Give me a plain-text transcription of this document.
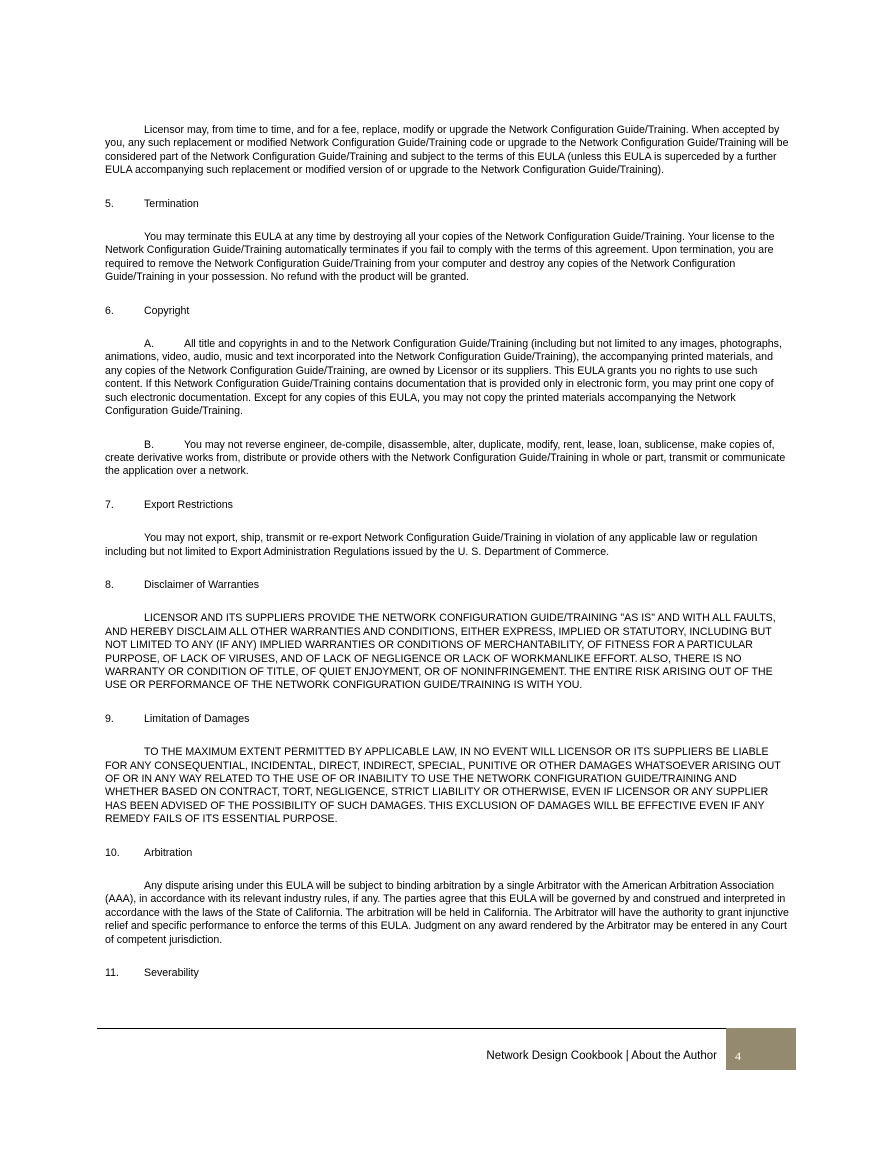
Licensor may, from time to time, and for a fee, replace, modify or upgrade the Network Configuration Guide/Training. When accepted by you, any such replacement or modified Network Configuration Guide/Training code or upgrade to the Network Configuration Guide/Training will be considered part of the Network Configuration Guide/Training and subject to the terms of this EULA (unless this EULA is superceded by a further EULA accompanying such replacement or modified version of or upgrade to the Network Configuration Guide/Training).

5.	Termination

You may terminate this EULA at any time by destroying all your copies of the Network Configuration Guide/Training. Your license to the Network Configuration Guide/Training automatically terminates if you fail to comply with the terms of this agreement. Upon termination, you are required to remove the Network Configuration Guide/Training from your computer and destroy any copies of the Network Configuration Guide/Training in your possession. No refund with the product will be granted.

6.	Copyright

A.	All title and copyrights in and to the Network Configuration Guide/Training (including but not limited to any images, photographs, animations, video, audio, music and text incorporated into the Network Configuration Guide/Training), the accompanying printed materials, and any copies of the Network Configuration Guide/Training, are owned by Licensor or its suppliers. This EULA grants you no rights to use such content. If this Network Configuration Guide/Training contains documentation that is provided only in electronic form, you may print one copy of such electronic documentation. Except for any copies of this EULA, you may not copy the printed materials accompanying the Network Configuration Guide/Training.

B.	You may not reverse engineer, de-compile, disassemble, alter, duplicate, modify, rent, lease, loan, sublicense, make copies of, create derivative works from, distribute or provide others with the Network Configuration Guide/Training in whole or part, transmit or communicate the application over a network.

7.	Export Restrictions

You may not export, ship, transmit or re-export Network Configuration Guide/Training in violation of any applicable law or regulation including but not limited to Export Administration Regulations issued by the U. S. Department of Commerce.

8.	Disclaimer of Warranties

LICENSOR AND ITS SUPPLIERS PROVIDE THE NETWORK CONFIGURATION GUIDE/TRAINING "AS IS" AND WITH ALL FAULTS, AND HEREBY DISCLAIM ALL OTHER WARRANTIES AND CONDITIONS, EITHER EXPRESS, IMPLIED OR STATUTORY, INCLUDING BUT NOT LIMITED TO ANY (IF ANY) IMPLIED WARRANTIES OR CONDITIONS OF MERCHANTABILITY, OF FITNESS FOR A PARTICULAR PURPOSE, OF LACK OF VIRUSES, AND OF LACK OF NEGLIGENCE OR LACK OF WORKMANLIKE EFFORT. ALSO, THERE IS NO WARRANTY OR CONDITION OF TITLE, OF QUIET ENJOYMENT, OR OF NONINFRINGEMENT. THE ENTIRE RISK ARISING OUT OF THE USE OR PERFORMANCE OF THE NETWORK CONFIGURATION GUIDE/TRAINING IS WITH YOU.

9.	Limitation of Damages

TO THE MAXIMUM EXTENT PERMITTED BY APPLICABLE LAW, IN NO EVENT WILL LICENSOR OR ITS SUPPLIERS BE LIABLE FOR ANY CONSEQUENTIAL, INCIDENTAL, DIRECT, INDIRECT, SPECIAL, PUNITIVE OR OTHER DAMAGES WHATSOEVER ARISING OUT OF OR IN ANY WAY RELATED TO THE USE OF OR INABILITY TO USE THE NETWORK CONFIGURATION GUIDE/TRAINING AND WHETHER BASED ON CONTRACT, TORT, NEGLIGENCE, STRICT LIABILITY OR OTHERWISE, EVEN IF LICENSOR OR ANY SUPPLIER HAS BEEN ADVISED OF THE POSSIBILITY OF SUCH DAMAGES. THIS EXCLUSION OF DAMAGES WILL BE EFFECTIVE EVEN IF ANY REMEDY FAILS OF ITS ESSENTIAL PURPOSE.

10.	Arbitration

Any dispute arising under this EULA will be subject to binding arbitration by a single Arbitrator with the American Arbitration Association (AAA), in accordance with its relevant industry rules, if any. The parties agree that this EULA will be governed by and construed and interpreted in accordance with the laws of the State of California. The arbitration will be held in California. The Arbitrator will have the authority to grant injunctive relief and specific performance to enforce the terms of this EULA. Judgment on any award rendered by the Arbitrator may be entered in any Court of competent jurisdiction.

11.	Severability
Network Design Cookbook | About the Author 4
